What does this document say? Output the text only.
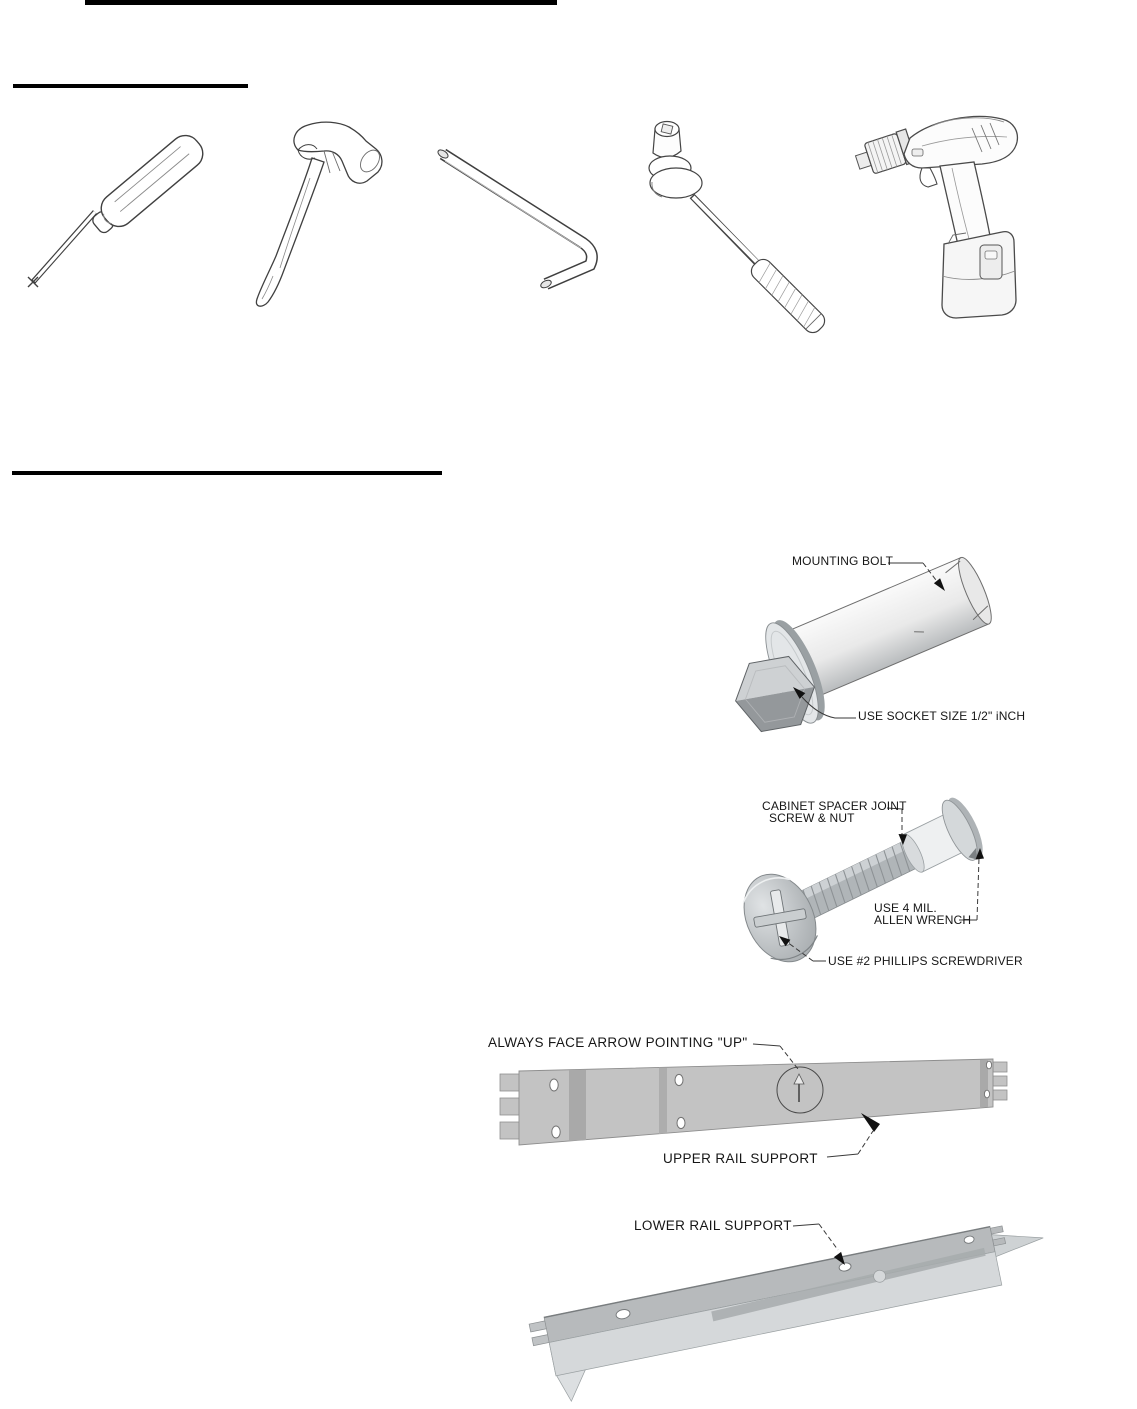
MOUNTING BOLT
USE SOCKET SIZE 1/2" iNCH
CABINET SPACER JOINT
SCREW & NUT
USE 4 MIL.
ALLEN WRENCH
USE #2 PHILLIPS SCREWDRIVER
ALWAYS FACE ARROW POINTING "UP"
UPPER RAIL SUPPORT
LOWER RAIL SUPPORT
